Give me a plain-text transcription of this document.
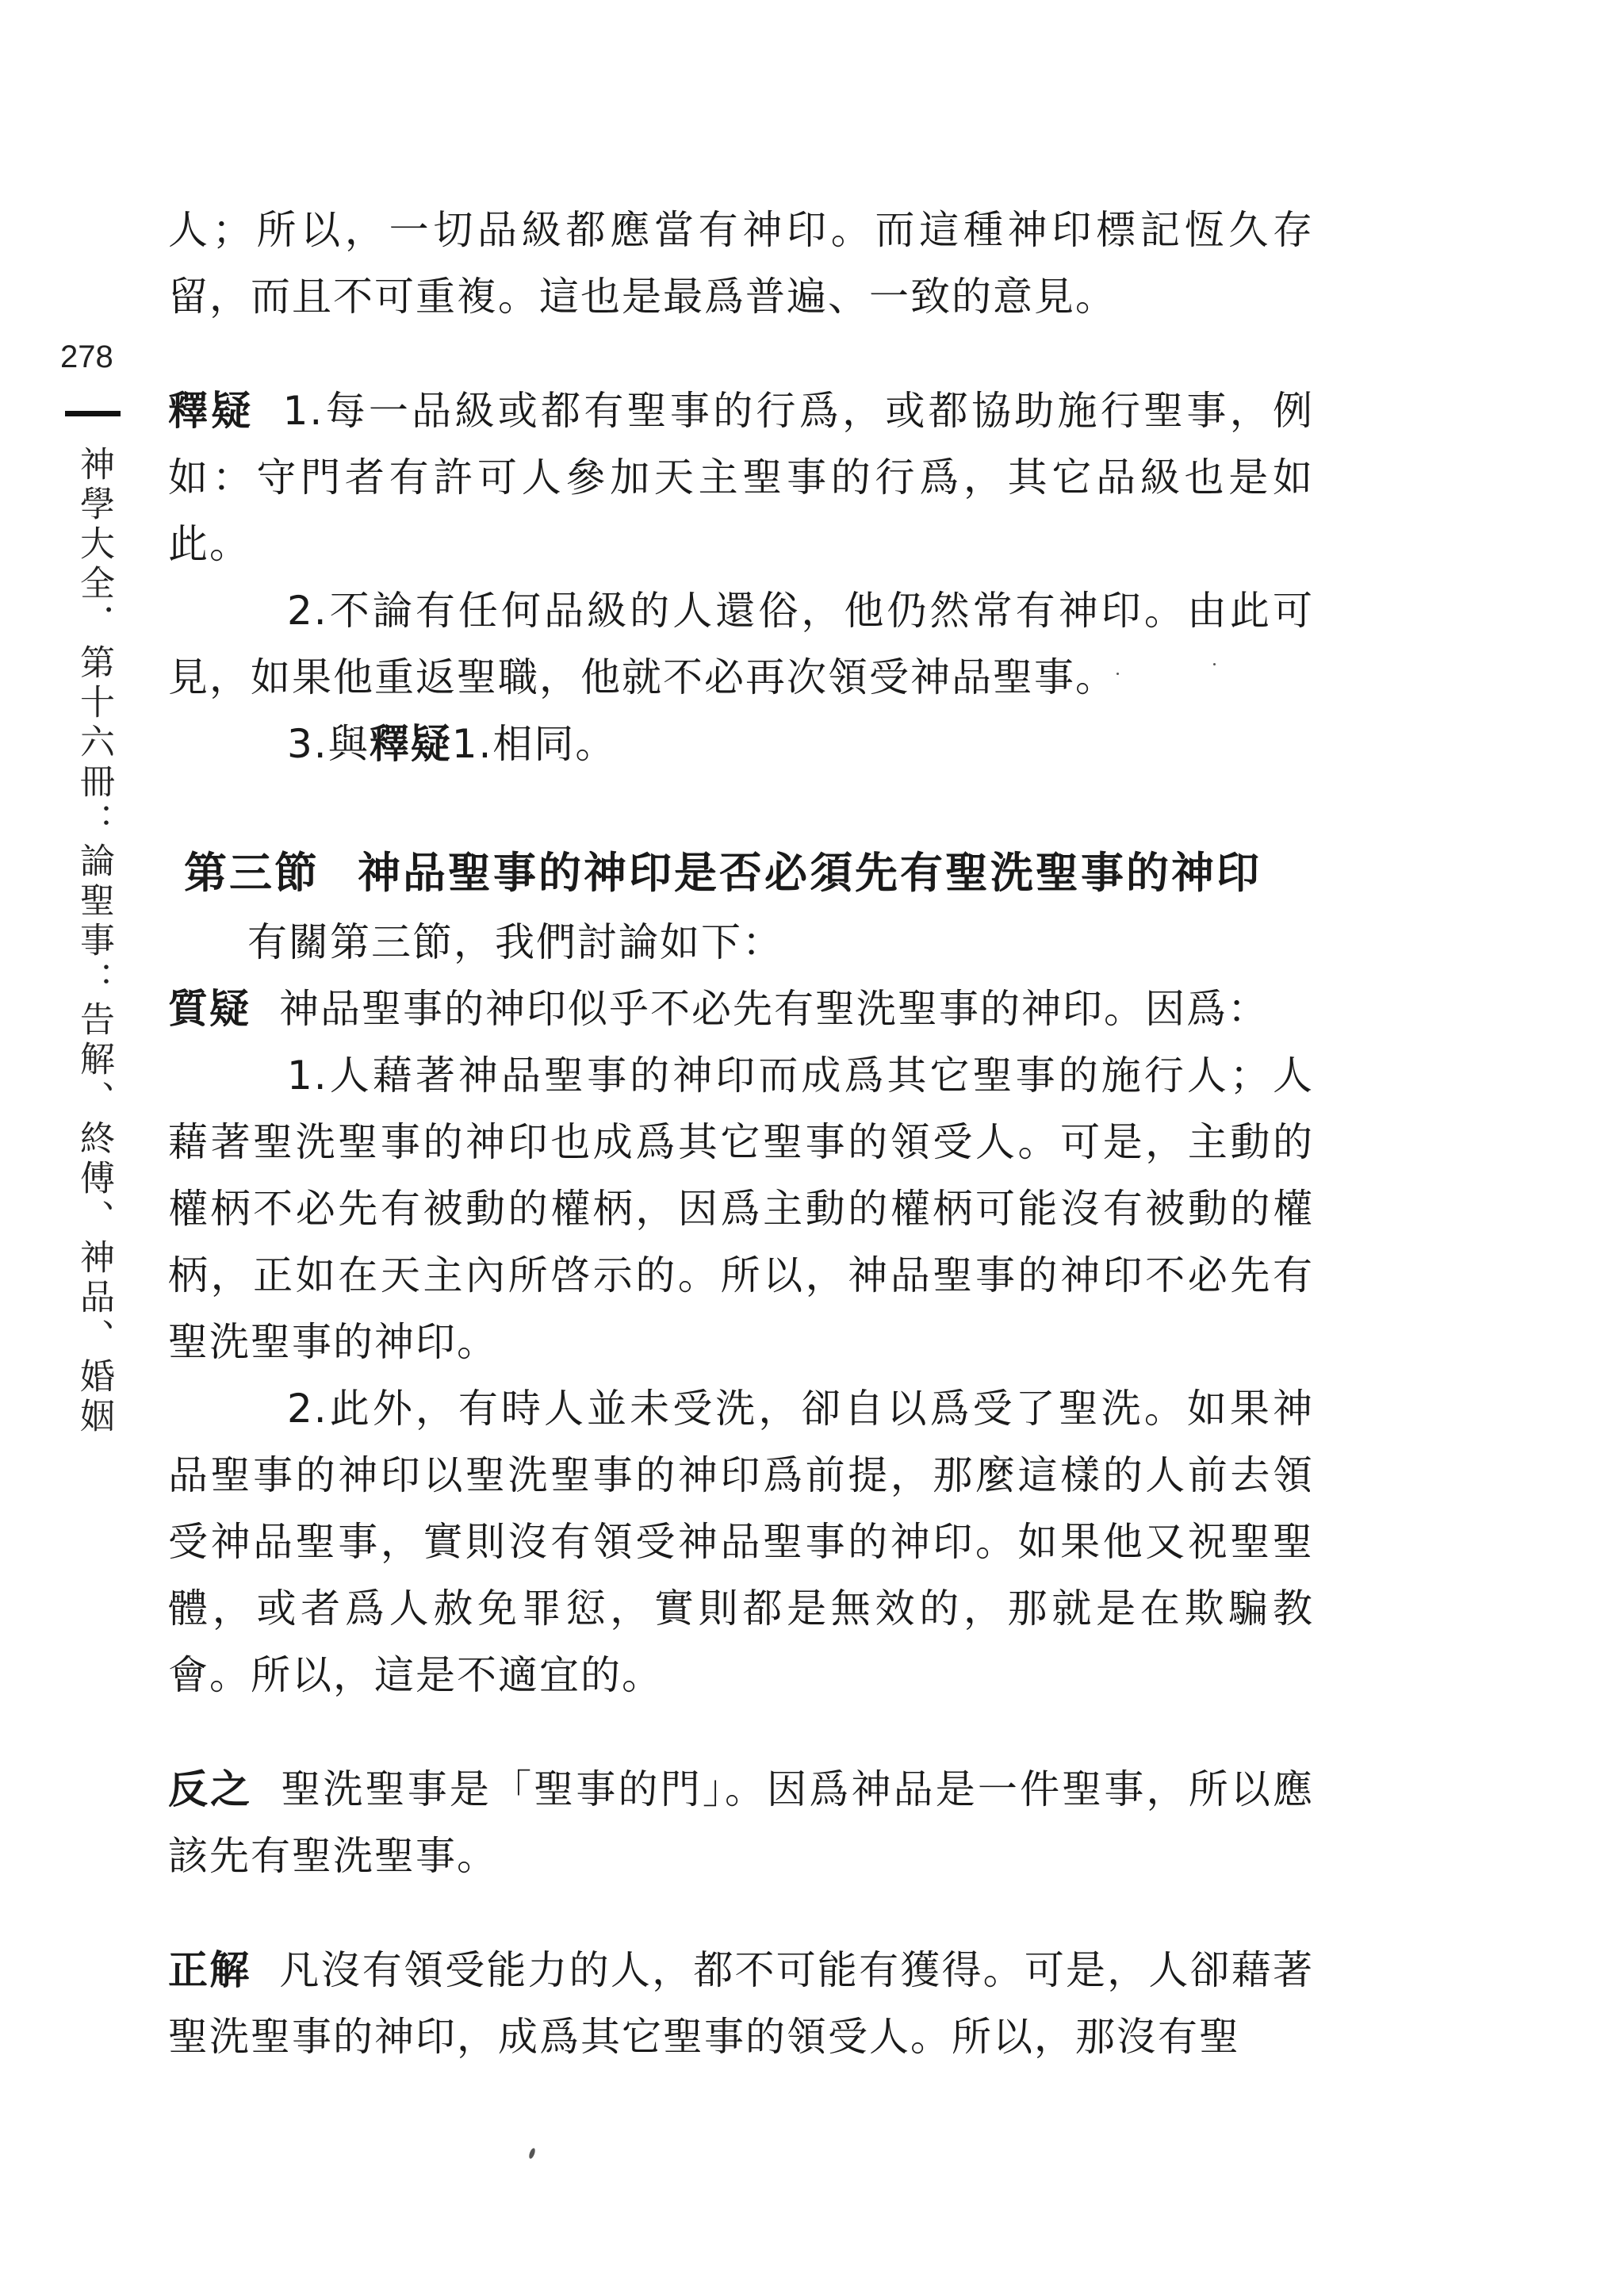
278
神學大全．第十六冊：論聖事：告解、終傅、神品、婚姻

人；所以，一切品級都應當有神印。而這種神印標記恆久存留，而且不可重複。這也是最爲普遍、一致的意見。

釋疑 1.每一品級或都有聖事的行爲，或都協助施行聖事，例如：守門者有許可人參加天主聖事的行爲，其它品級也是如此。

2.不論有任何品級的人還俗，他仍然常有神印。由此可見，如果他重返聖職，他就不必再次領受神品聖事。

3.與釋疑1.相同。

第三節 神品聖事的神印是否必須先有聖洗聖事的神印

有關第三節，我們討論如下：

質疑 神品聖事的神印似乎不必先有聖洗聖事的神印。因爲：

1.人藉著神品聖事的神印而成爲其它聖事的施行人；人藉著聖洗聖事的神印也成爲其它聖事的領受人。可是，主動的權柄不必先有被動的權柄，因爲主動的權柄可能沒有被動的權柄，正如在天主內所啓示的。所以，神品聖事的神印不必先有聖洗聖事的神印。

2.此外，有時人並未受洗，卻自以爲受了聖洗。如果神品聖事的神印以聖洗聖事的神印爲前提，那麼這樣的人前去領受神品聖事，實則沒有領受神品聖事的神印。如果他又祝聖聖體，或者爲人赦免罪愆，實則都是無效的，那就是在欺騙教會。所以，這是不適宜的。

反之 聖洗聖事是「聖事的門」。因爲神品是一件聖事，所以應該先有聖洗聖事。

正解 凡沒有領受能力的人，都不可能有獲得。可是，人卻藉著聖洗聖事的神印，成爲其它聖事的領受人。所以，那沒有聖
